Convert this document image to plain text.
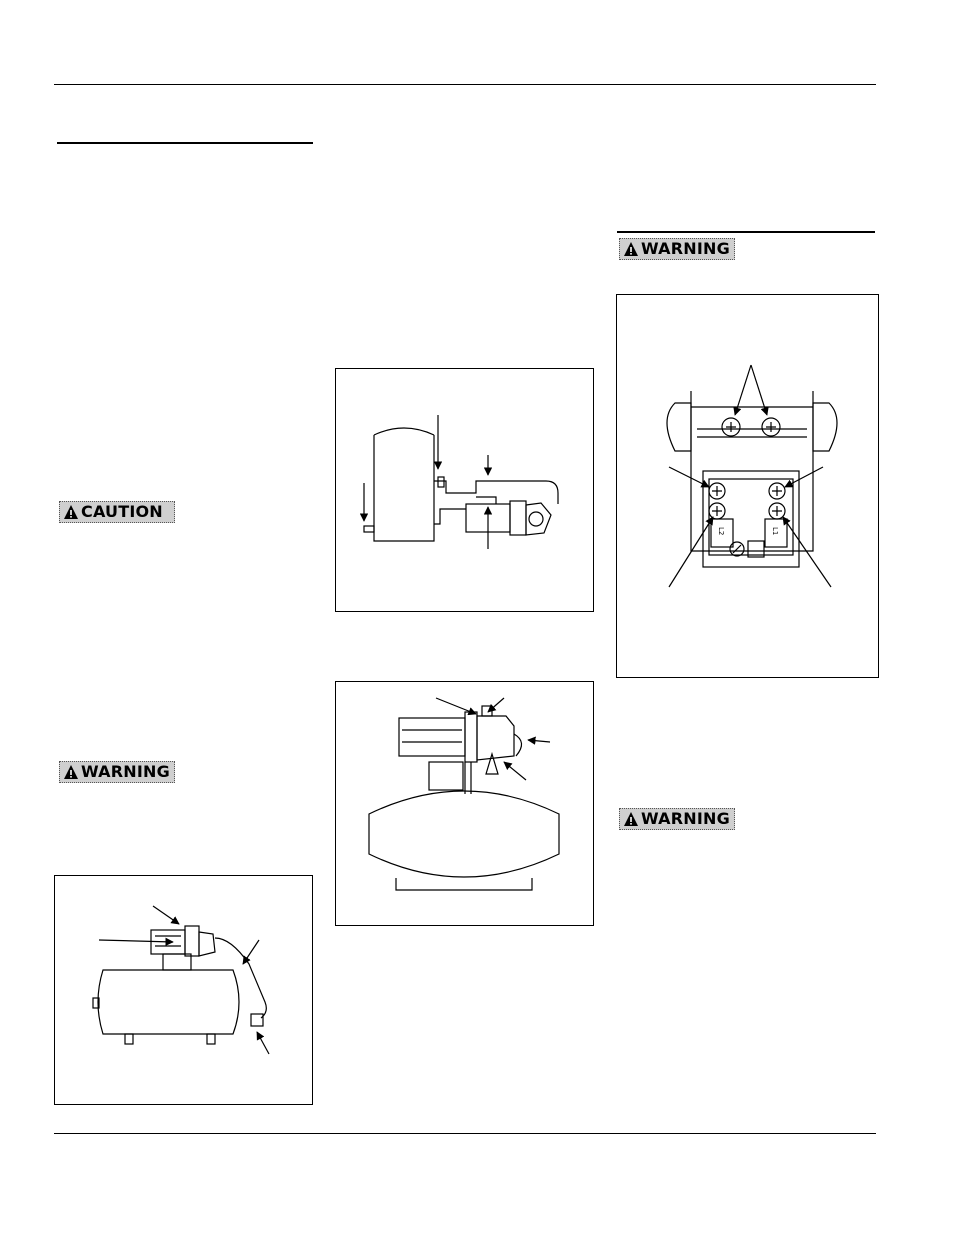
CAUTION
WARNING
WARNING
WARNING
L2	L1
